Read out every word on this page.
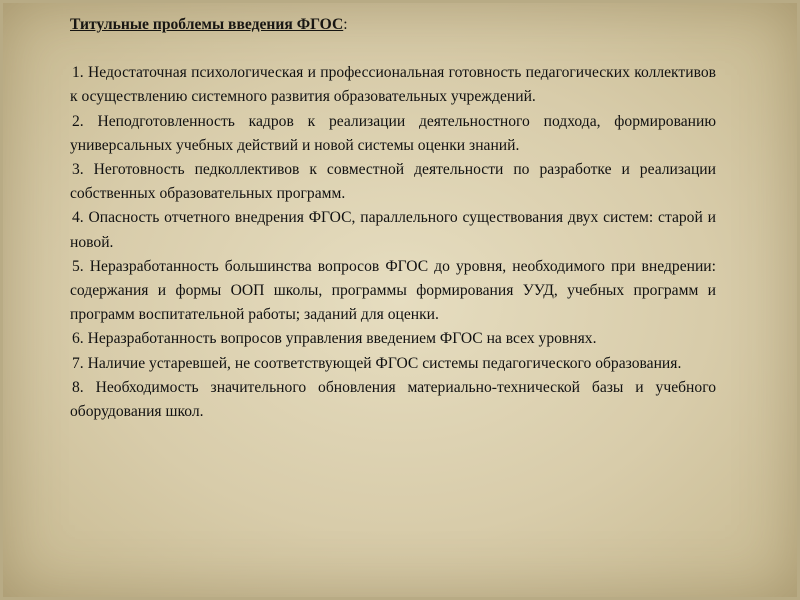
Титульные проблемы введения ФГОС:

1. Недостаточная психологическая и профессиональная готовность педагогических коллективов к осуществлению системного развития образовательных учреждений.

2. Неподготовленность кадров к реализации деятельностного подхода, формированию универсальных учебных действий и новой системы оценки знаний.

3. Неготовность педколлективов к совместной деятельности по разработке и реализации собственных образовательных программ.

4. Опасность отчетного внедрения ФГОС, параллельного существования двух систем: старой и новой.

5. Неразработанность большинства вопросов ФГОС до уровня, необходимого при внедрении: содержания и формы ООП школы, программы формирования УУД, учебных программ и программ воспитательной работы; заданий для оценки.

6. Неразработанность вопросов управления введением ФГОС на всех уровнях.

7. Наличие устаревшей, не соответствующей ФГОС системы педагогического образования.

8. Необходимость значительного обновления материально-технической базы и учебного оборудования школ.
